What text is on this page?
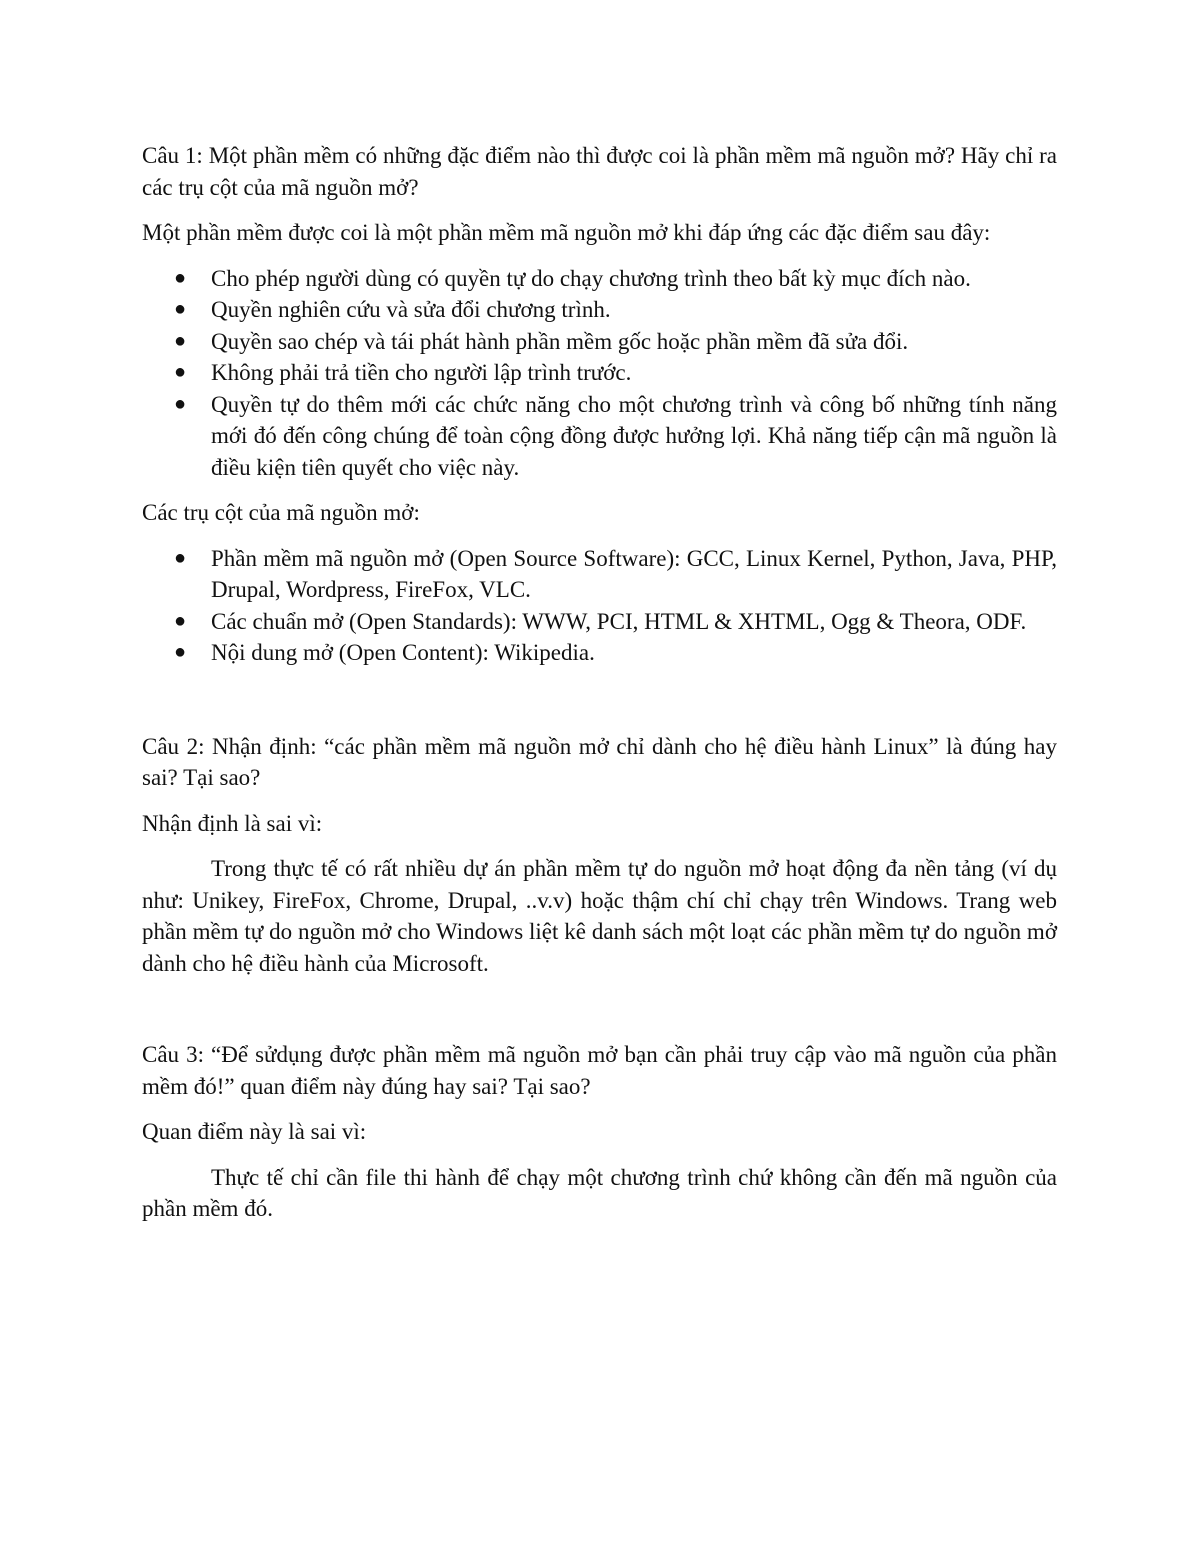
Câu 1: Một phần mềm có những đặc điểm nào thì được coi là phần mềm mã nguồn mở? Hãy chỉ ra các trụ cột của mã nguồn mở?

Một phần mềm được coi là một phần mềm mã nguồn mở khi đáp ứng các đặc điểm sau đây:

● Cho phép người dùng có quyền tự do chạy chương trình theo bất kỳ mục đích nào.
● Quyền nghiên cứu và sửa đổi chương trình.
● Quyền sao chép và tái phát hành phần mềm gốc hoặc phần mềm đã sửa đổi.
● Không phải trả tiền cho người lập trình trước.
● Quyền tự do thêm mới các chức năng cho một chương trình và công bố những tính năng mới đó đến công chúng để toàn cộng đồng được hưởng lợi. Khả năng tiếp cận mã nguồn là điều kiện tiên quyết cho việc này.

Các trụ cột của mã nguồn mở:

● Phần mềm mã nguồn mở (Open Source Software): GCC, Linux Kernel, Python, Java, PHP, Drupal, Wordpress, FireFox, VLC.
● Các chuẩn mở (Open Standards): WWW, PCI, HTML & XHTML, Ogg & Theora, ODF.
● Nội dung mở (Open Content): Wikipedia.

Câu 2: Nhận định: “các phần mềm mã nguồn mở chỉ dành cho hệ điều hành Linux” là đúng hay sai? Tại sao?

Nhận định là sai vì:

Trong thực tế có rất nhiều dự án phần mềm tự do nguồn mở hoạt động đa nền tảng (ví dụ như: Unikey, FireFox, Chrome, Drupal, ..v.v) hoặc thậm chí chỉ chạy trên Windows. Trang web phần mềm tự do nguồn mở cho Windows liệt kê danh sách một loạt các phần mềm tự do nguồn mở dành cho hệ điều hành của Microsoft.

Câu 3: “Để sửdụng được phần mềm mã nguồn mở bạn cần phải truy cập vào mã nguồn của phần mềm đó!” quan điểm này đúng hay sai? Tại sao?

Quan điểm này là sai vì:

Thực tế chỉ cần file thi hành để chạy một chương trình chứ không cần đến mã nguồn của phần mềm đó.
